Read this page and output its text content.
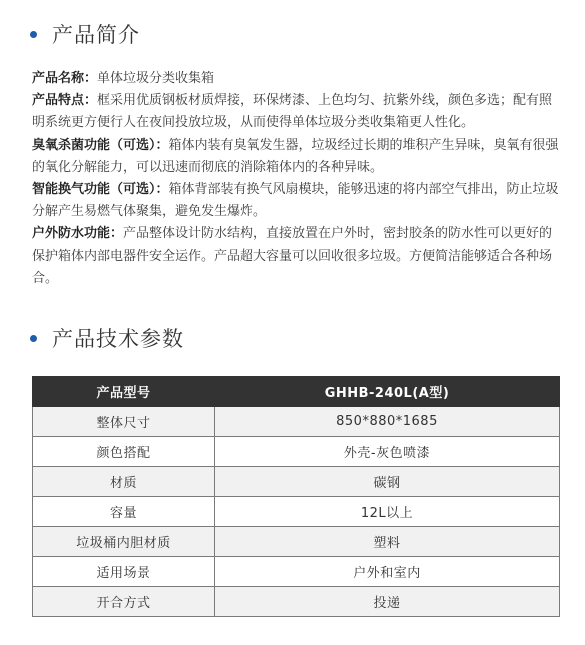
产品简介

产品名称：单体垃圾分类收集箱

产品特点：框采用优质钢板材质焊接，环保烤漆、上色均匀、抗紫外线，颜色多选；配有照明系统更方便行人在夜间投放垃圾，从而使得单体垃圾分类收集箱更人性化。

臭氧杀菌功能（可选）：箱体内装有臭氧发生器，垃圾经过长期的堆积产生异味，臭氧有很强的氧化分解能力，可以迅速而彻底的消除箱体内的各种异味。

智能换气功能（可选）：箱体背部装有换气风扇模块，能够迅速的将内部空气排出，防止垃圾分解产生易燃气体聚集，避免发生爆炸。

户外防水功能：产品整体设计防水结构，直接放置在户外时，密封胶条的防水性可以更好的保护箱体内部电器件安全运作。产品超大容量可以回收很多垃圾。方便简洁能够适合各种场合。

产品技术参数
产品型号	GHHB-240L(A型)
整体尺寸	850*880*1685
颜色搭配	外壳-灰色喷漆
材质	碳钢
容量	12L以上
垃圾桶内胆材质	塑料
适用场景	户外和室内
开合方式	投递
